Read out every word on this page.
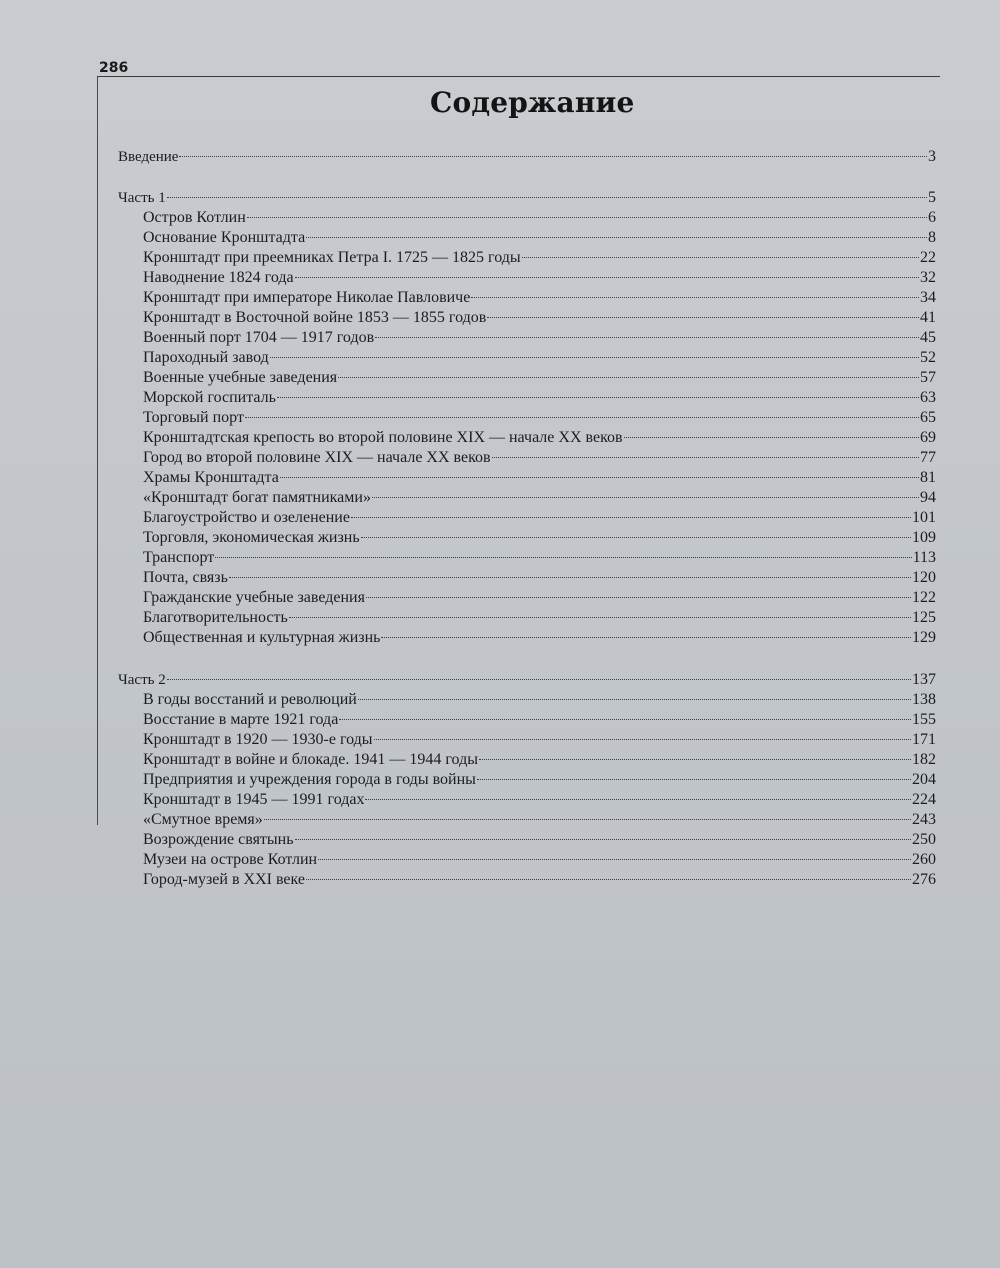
286
Содержание
Введение	3
Часть 1	5
Остров Котлин	6
Основание Кронштадта	8
Кронштадт при преемниках Петра I. 1725 — 1825 годы	22
Наводнение 1824 года	32
Кронштадт при императоре Николае Павловиче	34
Кронштадт в Восточной войне 1853 — 1855 годов	41
Военный порт 1704 — 1917 годов	45
Пароходный завод	52
Военные учебные заведения	57
Морской госпиталь	63
Торговый порт	65
Кронштадтская крепость во второй половине XIX — начале XX веков	69
Город во второй половине XIX — начале XX веков	77
Храмы Кронштадта	81
«Кронштадт богат памятниками»	94
Благоустройство и озеленение	101
Торговля, экономическая жизнь	109
Транспорт	113
Почта, связь	120
Гражданские учебные заведения	122
Благотворительность	125
Общественная и культурная жизнь	129
Часть 2	137
В годы восстаний и революций	138
Восстание в марте 1921 года	155
Кронштадт в 1920 — 1930-е годы	171
Кронштадт в войне и блокаде. 1941 — 1944 годы	182
Предприятия и учреждения города в годы войны	204
Кронштадт в 1945 — 1991 годах	224
«Смутное время»	243
Возрождение святынь	250
Музеи на острове Котлин	260
Город-музей в XXI веке	276
